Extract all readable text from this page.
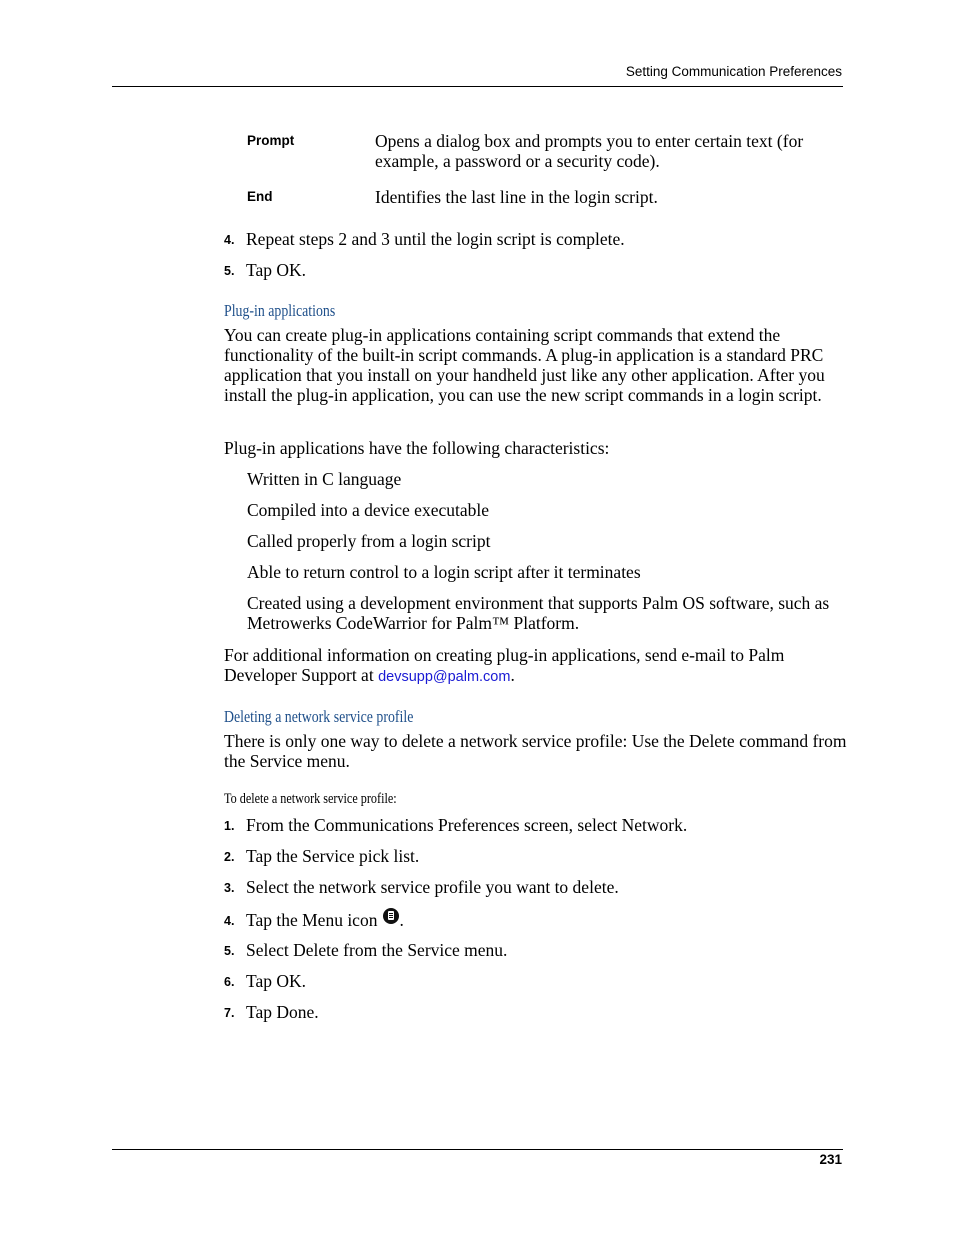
Setting Communication Preferences
Prompt	Opens a dialog box and prompts you to enter certain text (for example, a password or a security code).
End	Identifies the last line in the login script.
4. Repeat steps 2 and 3 until the login script is complete.
5. Tap OK.
Plug-in applications
You can create plug-in applications containing script commands that extend the functionality of the built-in script commands. A plug-in application is a standard PRC application that you install on your handheld just like any other application. After you install the plug-in application, you can use the new script commands in a login script.
Plug-in applications have the following characteristics:
Written in C language
Compiled into a device executable
Called properly from a login script
Able to return control to a login script after it terminates
Created using a development environment that supports Palm OS software, such as Metrowerks CodeWarrior for Palm™ Platform.
For additional information on creating plug-in applications, send e-mail to Palm Developer Support at devsupp@palm.com.
Deleting a network service profile
There is only one way to delete a network service profile: Use the Delete command from the Service menu.
To delete a network service profile:
1. From the Communications Preferences screen, select Network.
2. Tap the Service pick list.
3. Select the network service profile you want to delete.
4. Tap the Menu icon .
5. Select Delete from the Service menu.
6. Tap OK.
7. Tap Done.
231
